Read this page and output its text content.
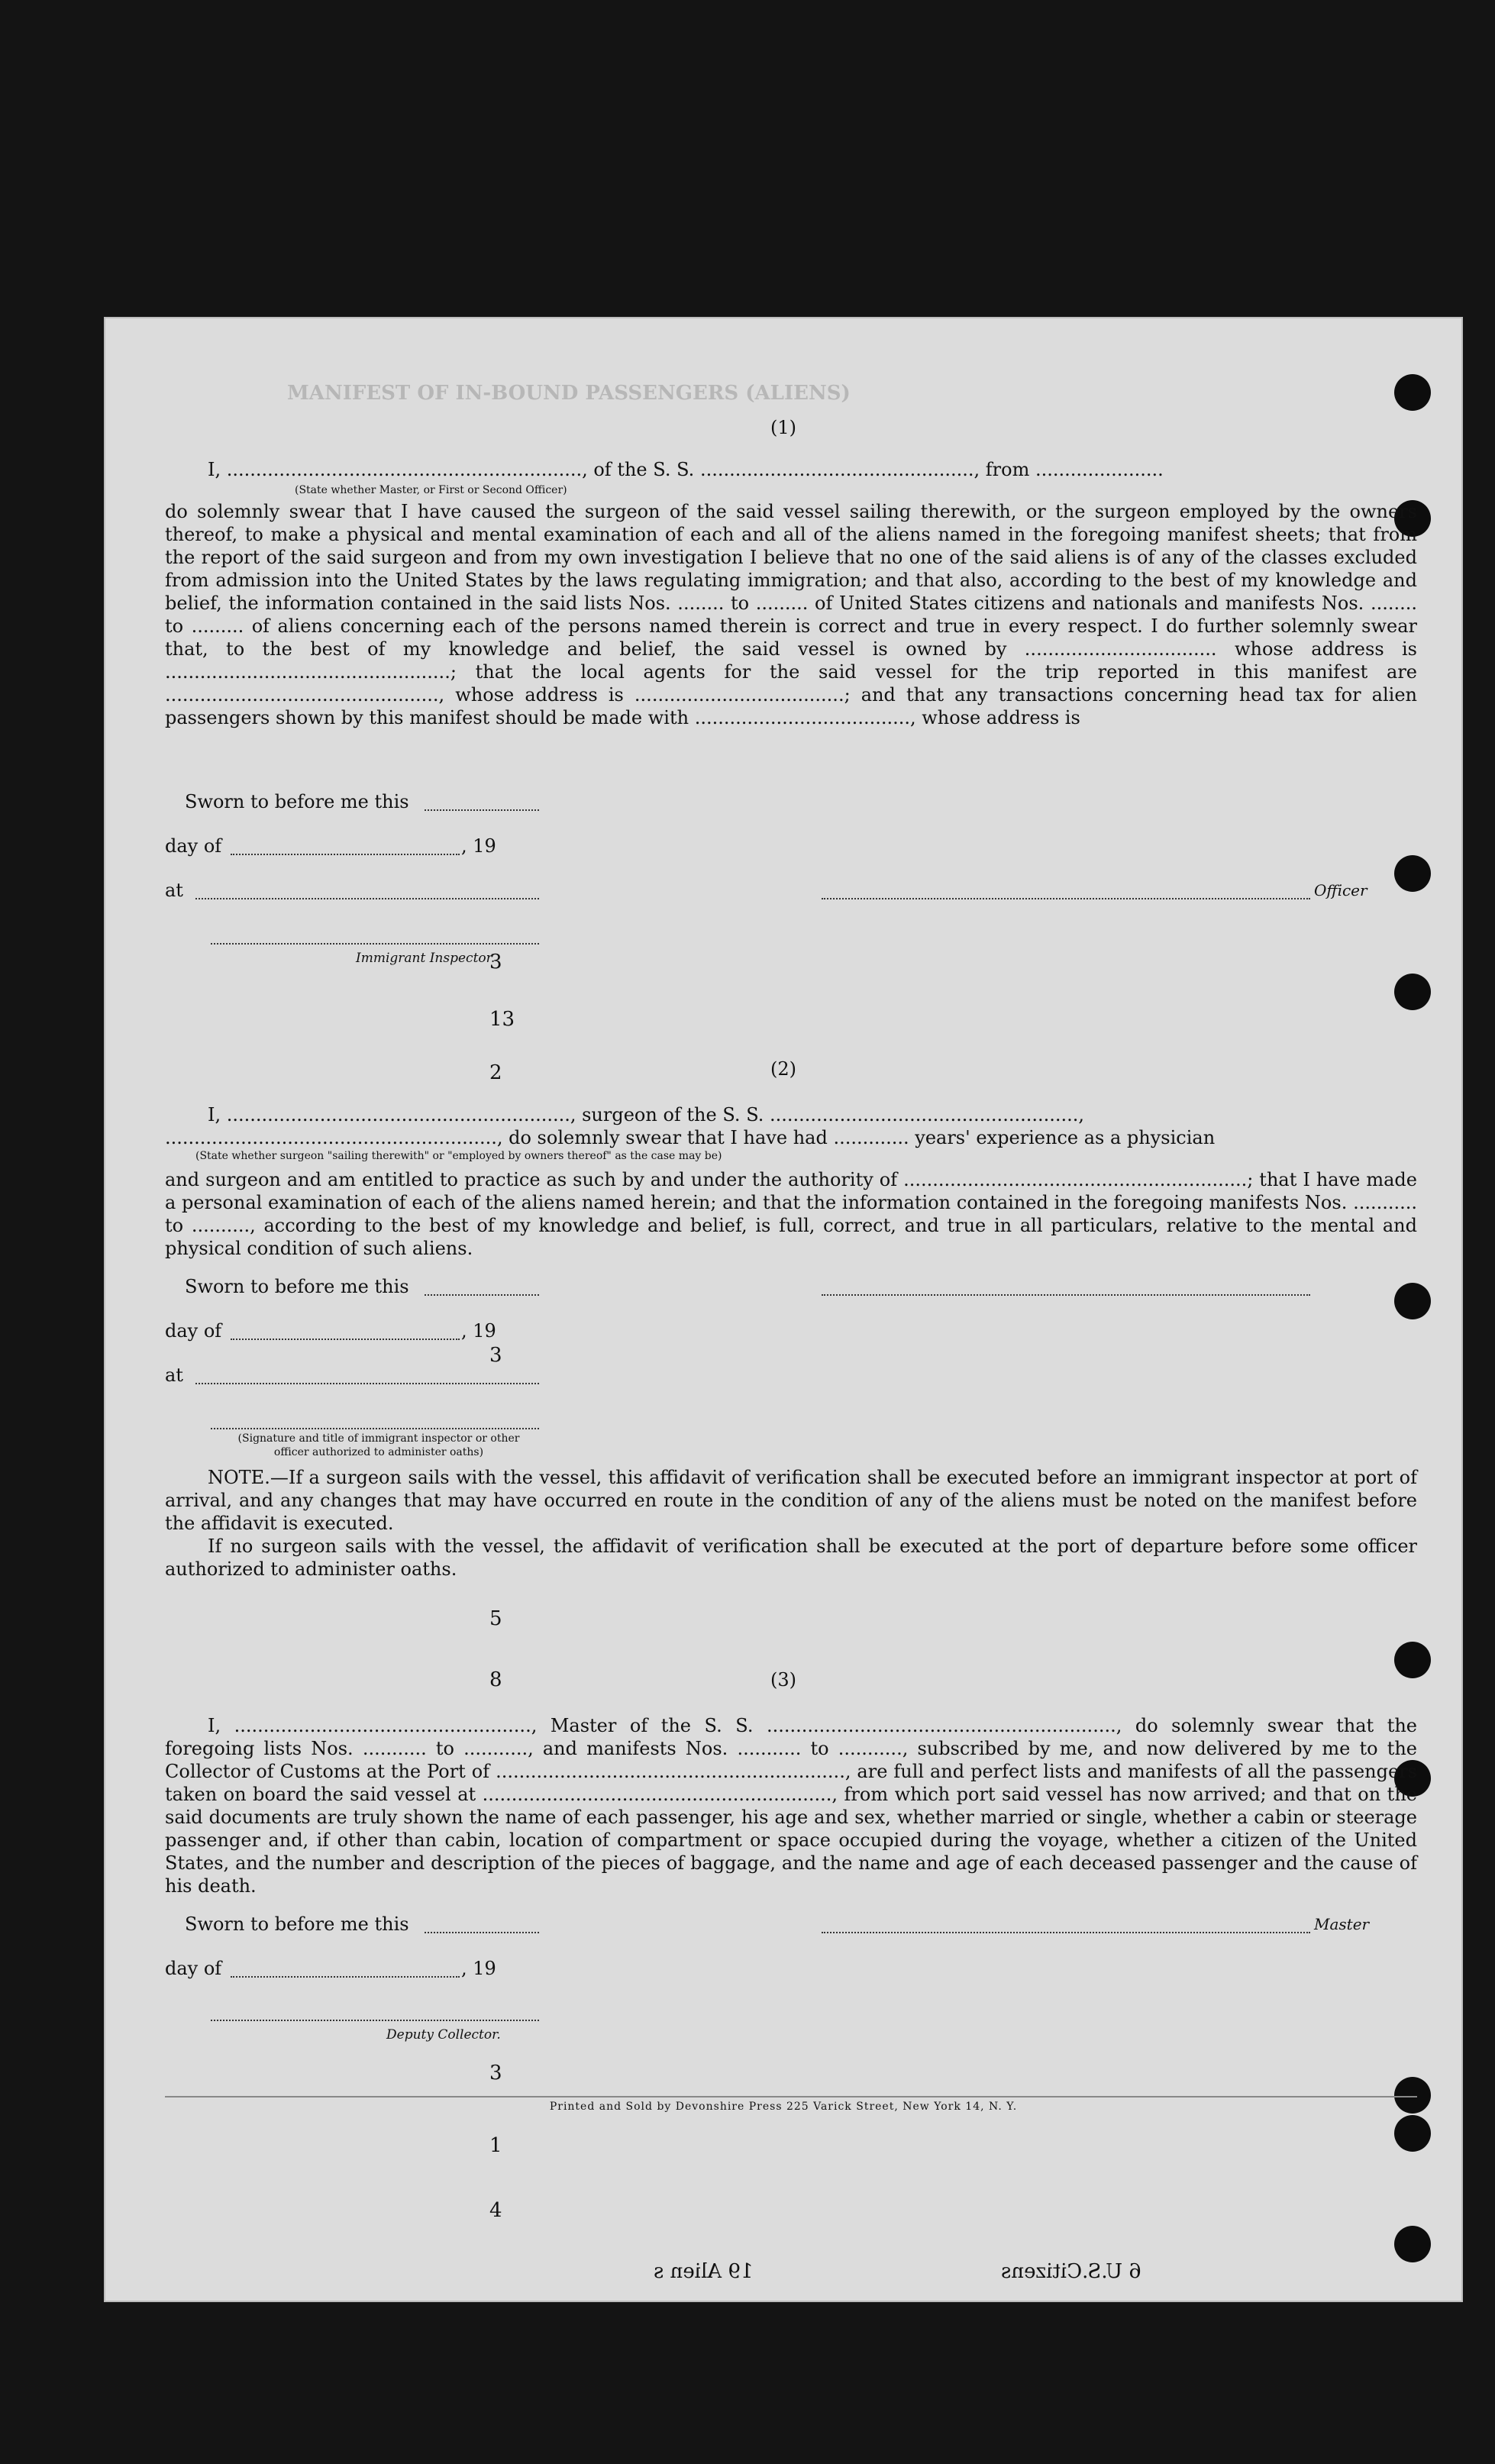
MANIFEST OF IN-BOUND PASSENGERS (ALIENS)
(1)
I, ............................................................., of the S. S. ..............................................., from ......................
(State whether Master, or First or Second Officer)
do solemnly swear that I have caused the surgeon of the said vessel sailing therewith, or the surgeon employed by the owners thereof, to make a physical and mental examination of each and all of the aliens named in the foregoing manifest sheets; that from the report of the said surgeon and from my own investigation I believe that no one of the said aliens is of any of the classes excluded from admission into the United States by the laws regulating immigration; and that also, according to the best of my knowledge and belief, the information contained in the said lists Nos. ........ to ......... of United States citizens and nationals and manifests Nos. ........ to ......... of aliens concerning each of the persons named therein is correct and true in every respect. I do further solemnly swear that, to the best of my knowledge and belief, the said vessel is owned by ................................. whose address is .................................................; that the local agents for the said vessel for the trip reported in this manifest are ..............................................., whose address is ....................................; and that any transactions concerning head tax for alien passengers shown by this manifest should be made with ....................................., whose address is
Sworn to before me this
day of	, 19
at	Officer
Immigrant Inspector.
(2)
I, ..........................................................., surgeon of the S. S. .....................................................,
........................................................., do solemnly swear that I have had ............. years' experience as a physician
(State whether surgeon "sailing therewith" or "employed by owners thereof" as the case may be)
and surgeon and am entitled to practice as such by and under the authority of ...........................................................; that I have made a personal examination of each of the aliens named herein; and that the information contained in the foregoing manifests Nos. ........... to .........., according to the best of my knowledge and belief, is full, correct, and true in all particulars, relative to the mental and physical condition of such aliens.
Sworn to before me this
day of	, 19
at
(Signature and title of immigrant inspector or other officer authorized to administer oaths)
NOTE.—If a surgeon sails with the vessel, this affidavit of verification shall be executed before an immigrant inspector at port of arrival, and any changes that may have occurred en route in the condition of any of the aliens must be noted on the manifest before the affidavit is executed.
If no surgeon sails with the vessel, the affidavit of verification shall be executed at the port of departure before some officer authorized to administer oaths.
(3)
I, ..................................................., Master of the S. S. ............................................................, do solemnly swear that the foregoing lists Nos. ........... to ..........., and manifests Nos. ........... to ..........., subscribed by me, and now delivered by me to the Collector of Customs at the Port of ............................................................, are full and perfect lists and manifests of all the passengers taken on board the said vessel at ............................................................, from which port said vessel has now arrived; and that on the said documents are truly shown the name of each passenger, his age and sex, whether married or single, whether a cabin or steerage passenger and, if other than cabin, location of compartment or space occupied during the voyage, whether a citizen of the United States, and the number and description of the pieces of baggage, and the name and age of each deceased passenger and the cause of his death.
Sworn to before me this	Master
day of	, 19
Deputy Collector.
Printed and Sold by Devonshire Press 225 Varick Street, New York 14, N. Y.
3
13
2
3
5
8
3
1
4
19 Alien s	6 U.S.Citizens
